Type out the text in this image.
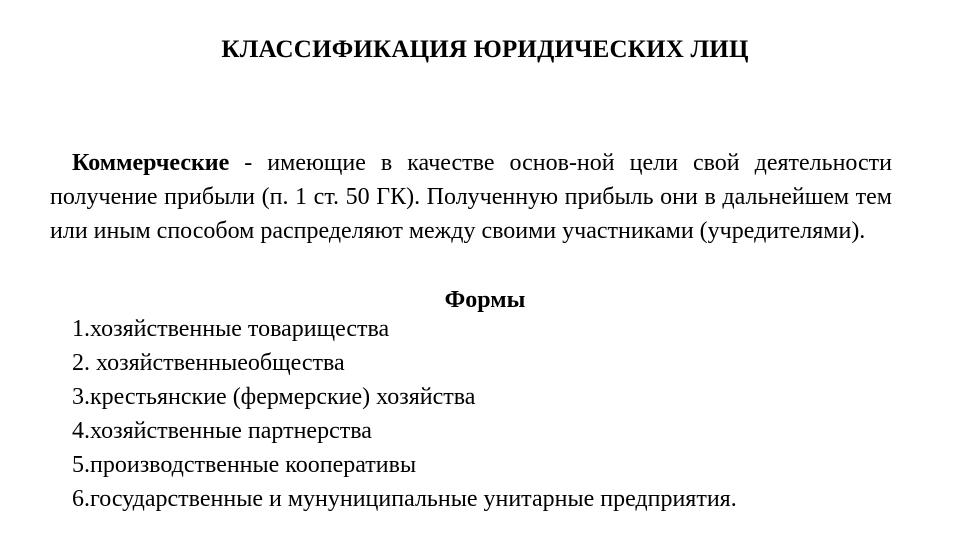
КЛАССИФИКАЦИЯ ЮРИДИЧЕСКИХ ЛИЦ
Коммерческие - имеющие в качестве основ-ной цели свой деятельности получение прибыли (п. 1 ст. 50 ГК). Полученную прибыль они в дальнейшем тем или иным способом распределяют между своими участниками (учредителями).
Формы
1.хозяйственные товарищества
2. хозяйственныеобщества
3.крестьянские (фермерские) хозяйства
4.хозяйственные партнерства
5.производственные кооперативы
6.государственные и мунуниципальные унитарные предприятия.
